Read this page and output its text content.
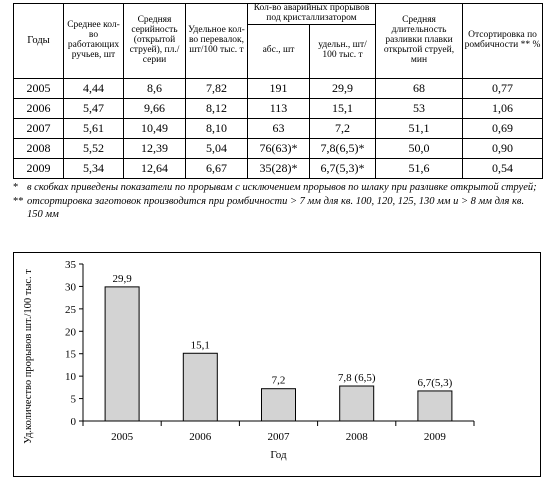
Годы	Среднее кол-во работающих ручьев, шт	Средняя серийность (открытой струей), пл./серии	Удельное кол-во перевалок, шт/100 тыс. т	Кол-во аварийных прорывов под кристаллизатором		Средняя длительность разливки плавки открытой струей, мин	Отсортировка по ромбичности ** %
				абс., шт	удельн., шт/ 100 тыс. т		
2005	4,44	8,6	7,82	191	29,9	68	0,77
2006	5,47	9,66	8,12	113	15,1	53	1,06
2007	5,61	10,49	8,10	63	7,2	51,1	0,69
2008	5,52	12,39	5,04	76(63)*	7,8(6,5)*	50,0	0,90
2009	5,34	12,64	6,67	35(28)*	6,7(5,3)*	51,6	0,54
* в скобках приведены показатели по прорывам с исключением прорывов по шлаку при разливке открытой струей;
** отсортировка заготовок производится при ромбичности > 7 мм для кв. 100, 120, 125, 130 мм и > 8 мм для кв. 150 мм
0
5
10
15
20
25
30
35
29,9
2005
15,1
2006
7,2
2007
7,8 (6,5)
2008
6,7(5,3)
2009
Год
Уд.количество прорывов шт./100 тыс. т
